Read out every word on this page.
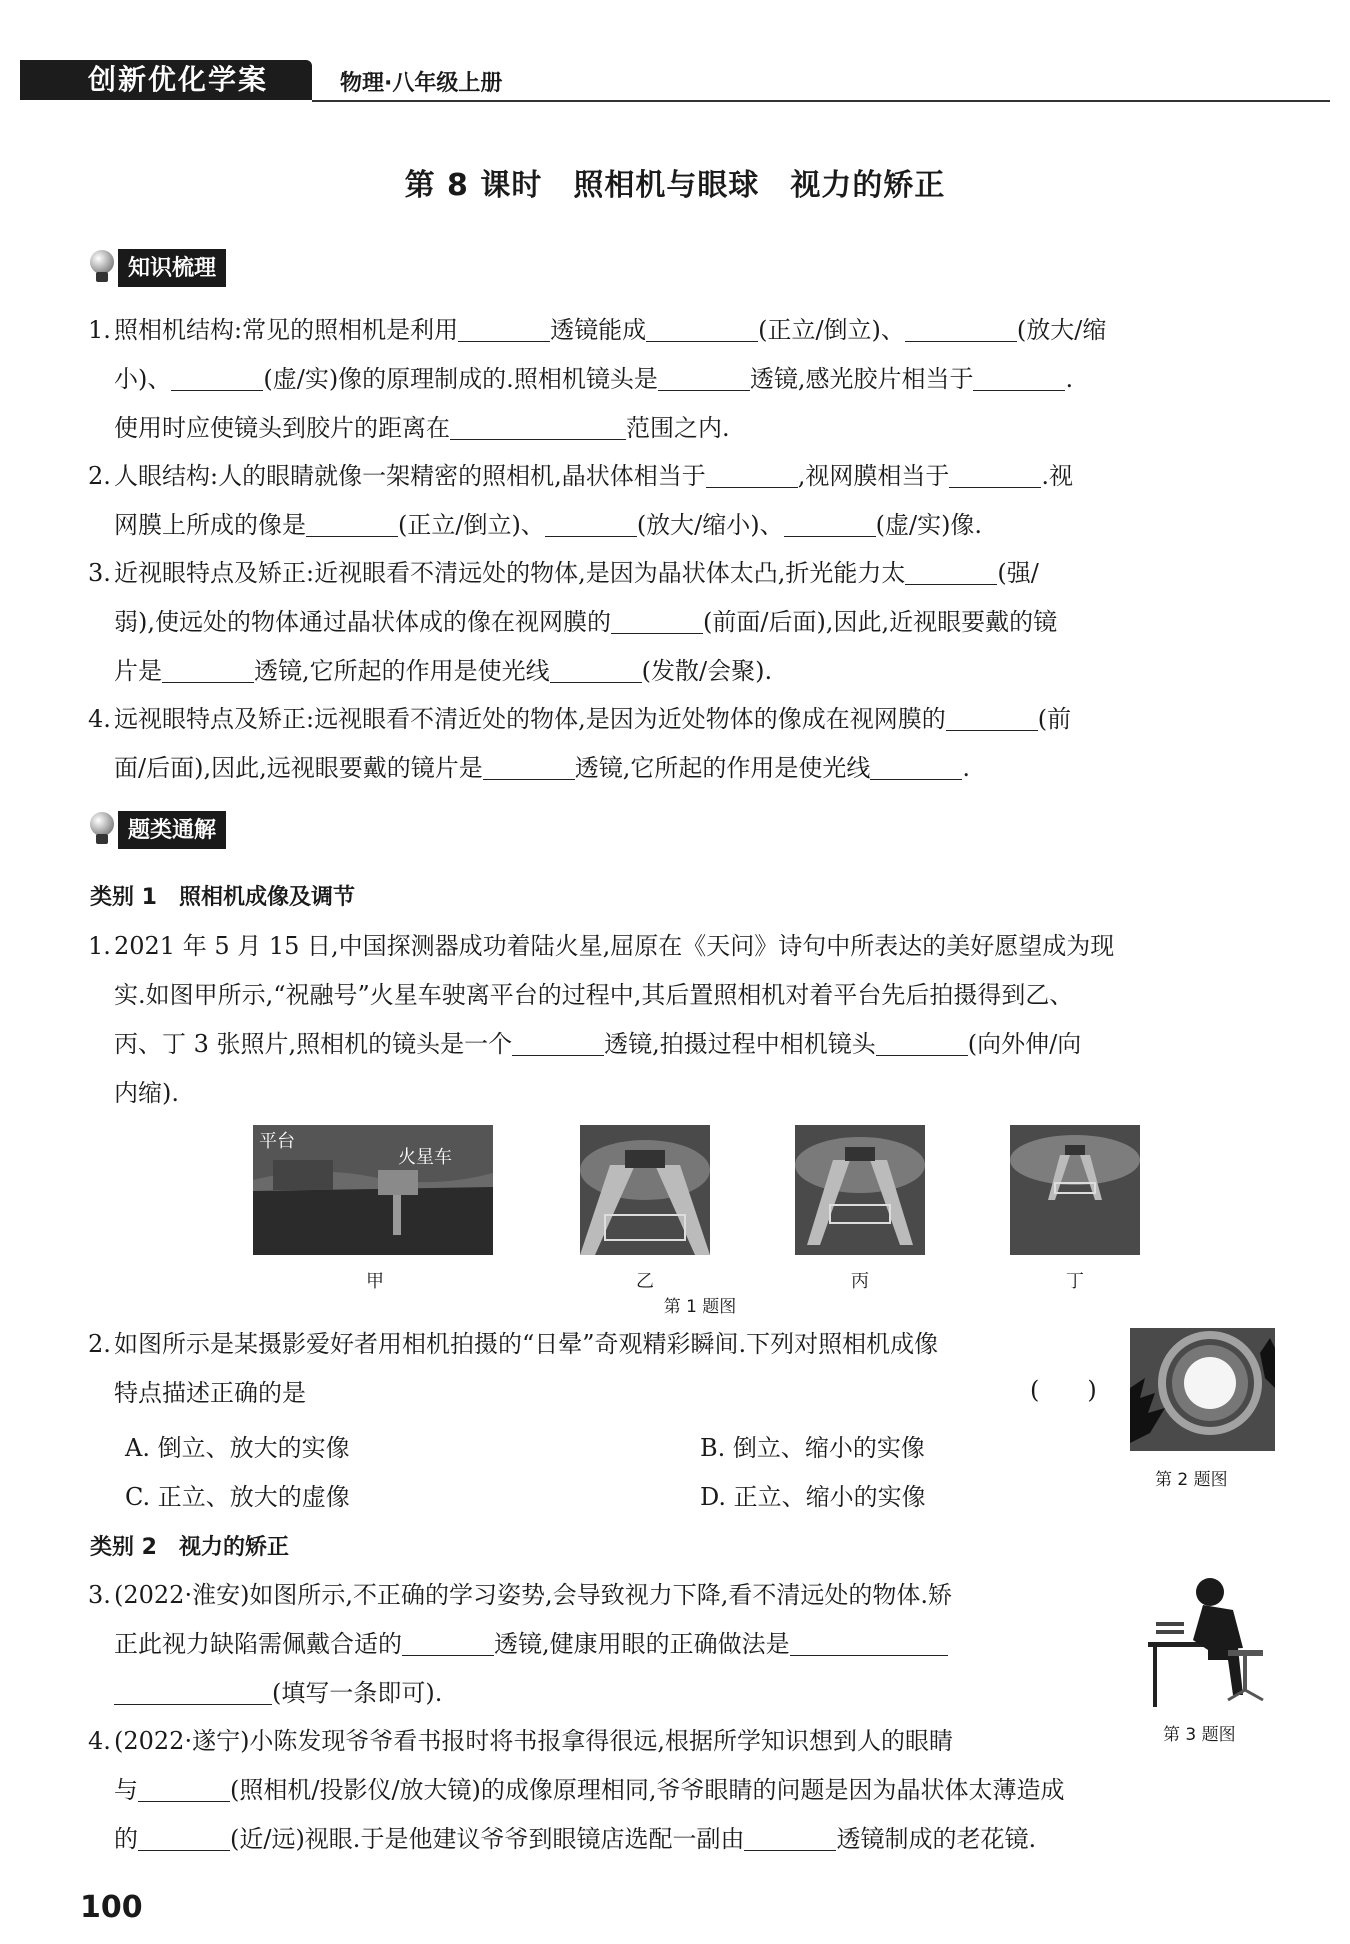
创新优化学案	物理·八年级上册
第 8 课时　照相机与眼球　视力的矫正
知识梳理
1. 照相机结构:常见的照相机是利用	透镜能成	(正立/倒立)、	(放大/缩
小)、	(虚/实)像的原理制成的.照相机镜头是	透镜,感光胶片相当于	.
使用时应使镜头到胶片的距离在	范围之内.
2. 人眼结构:人的眼睛就像一架精密的照相机,晶状体相当于	,视网膜相当于	.视
网膜上所成的像是	(正立/倒立)、	(放大/缩小)、	(虚/实)像.
3. 近视眼特点及矫正:近视眼看不清远处的物体,是因为晶状体太凸,折光能力太	(强/
弱),使远处的物体通过晶状体成的像在视网膜的	(前面/后面),因此,近视眼要戴的镜
片是	透镜,它所起的作用是使光线	(发散/会聚).
4. 远视眼特点及矫正:远视眼看不清近处的物体,是因为近处物体的像成在视网膜的	(前
面/后面),因此,远视眼要戴的镜片是	透镜,它所起的作用是使光线	.
题类通解
类别 1　照相机成像及调节
1. 2021 年 5 月 15 日,中国探测器成功着陆火星,屈原在《天问》诗句中所表达的美好愿望成为现
实.如图甲所示,“祝融号”火星车驶离平台的过程中,其后置照相机对着平台先后拍摄得到乙、
丙、丁 3 张照片,照相机的镜头是一个	透镜,拍摄过程中相机镜头	(向外伸/向
内缩).
平台
火星车
甲	乙	丙	丁
第 1 题图
2. 如图所示是某摄影爱好者用相机拍摄的“日晕”奇观精彩瞬间.下列对照相机成像
特点描述正确的是	(　　)
A. 倒立、放大的实像	B. 倒立、缩小的实像
C. 正立、放大的虚像	D. 正立、缩小的实像
第 2 题图
类别 2　视力的矫正
3. (2022·淮安)如图所示,不正确的学习姿势,会导致视力下降,看不清远处的物体.矫
正此视力缺陷需佩戴合适的	透镜,健康用眼的正确做法是
(填写一条即可).
第 3 题图
4. (2022·遂宁)小陈发现爷爷看书报时将书报拿得很远,根据所学知识想到人的眼睛
与	(照相机/投影仪/放大镜)的成像原理相同,爷爷眼睛的问题是因为晶状体太薄造成
的	(近/远)视眼.于是他建议爷爷到眼镜店选配一副由	透镜制成的老花镜.
100
